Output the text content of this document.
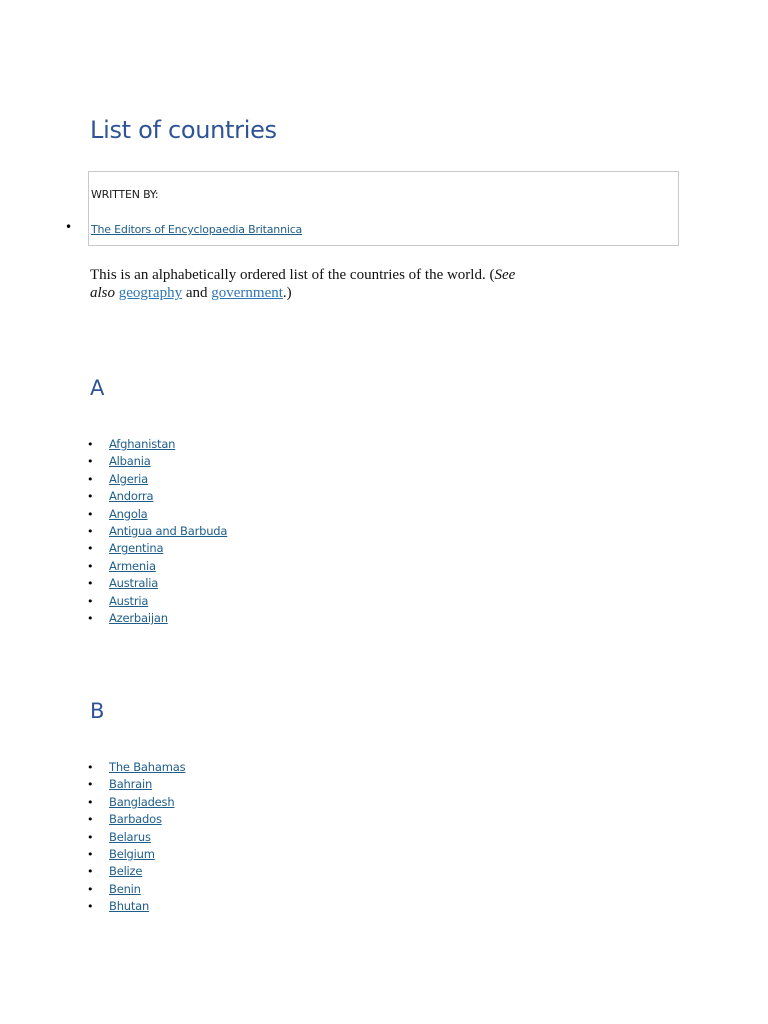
List of countries
WRITTEN BY:
• The Editors of Encyclopaedia Britannica

This is an alphabetically ordered list of the countries of the world. (See also geography and government.)

A
• Afghanistan
• Albania
• Algeria
• Andorra
• Angola
• Antigua and Barbuda
• Argentina
• Armenia
• Australia
• Austria
• Azerbaijan
B
• The Bahamas
• Bahrain
• Bangladesh
• Barbados
• Belarus
• Belgium
• Belize
• Benin
• Bhutan
